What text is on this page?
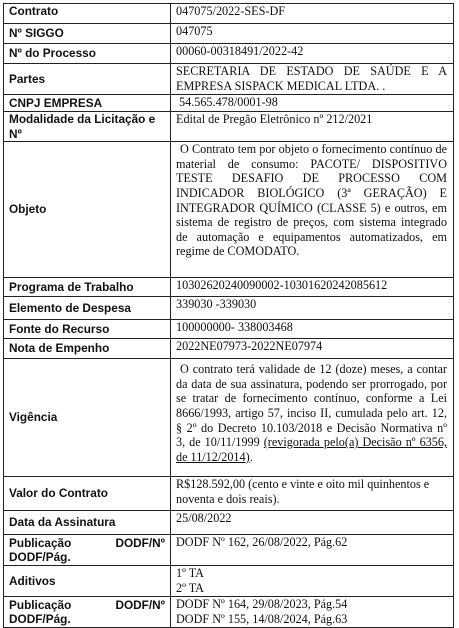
Contrato	047075/2022-SES-DF
Nº SIGGO	047075
Nº do Processo	00060-00318491/2022-42
Partes	SECRETARIA DE ESTADO DE SAÚDE E A EMPRESA SISPACK MEDICAL LTDA. .
CNPJ EMPRESA	54.565.478/0001-98
Modalidade da Licitação e Nº	Edital de Pregão Eletrônico nº 212/2021
Objeto	O Contrato tem por objeto o fornecimento contínuo de material de consumo: PACOTE/ DISPOSITIVO TESTE DESAFIO DE PROCESSO COM INDICADOR BIOLÓGICO (3ª GERAÇÃO) E INTEGRADOR QUÍMICO (CLASSE 5) e outros, em sistema de registro de preços, com sistema integrado de automação e equipamentos automatizados, em regime de COMODATO.
Programa de Trabalho	10302620240090002-10301620242085612
Elemento de Despesa	339030 -339030
Fonte do Recurso	100000000- 338003468
Nota de Empenho	2022NE07973-2022NE07974
Vigência	O contrato terá validade de 12 (doze) meses, a contar da data de sua assinatura, podendo ser prorrogado, por se tratar de fornecimento contínuo, conforme a Lei 8666/1993, artigo 57, inciso II, cumulada pelo art. 12, § 2º do Decreto 10.103/2018 e Decisão Normativa nº 3, de 10/11/1999 (revigorada pelo(a) Decisão nº 6356, de 11/12/2014).
Valor do Contrato	R$128.592,00 (cento e vinte e oito mil quinhentos e noventa e dois reais).
Data da Assinatura	25/08/2022

Publicação DODF/Nº
DODF/Pág.	DODF Nº 162, 26/08/2022, Pág.62
Aditivos	1º TA
2º TA

Publicação DODF/Nº
DODF/Pág.	DODF Nº 164, 29/08/2023, Pág.54
DODF Nº 155, 14/08/2024, Pág.63
